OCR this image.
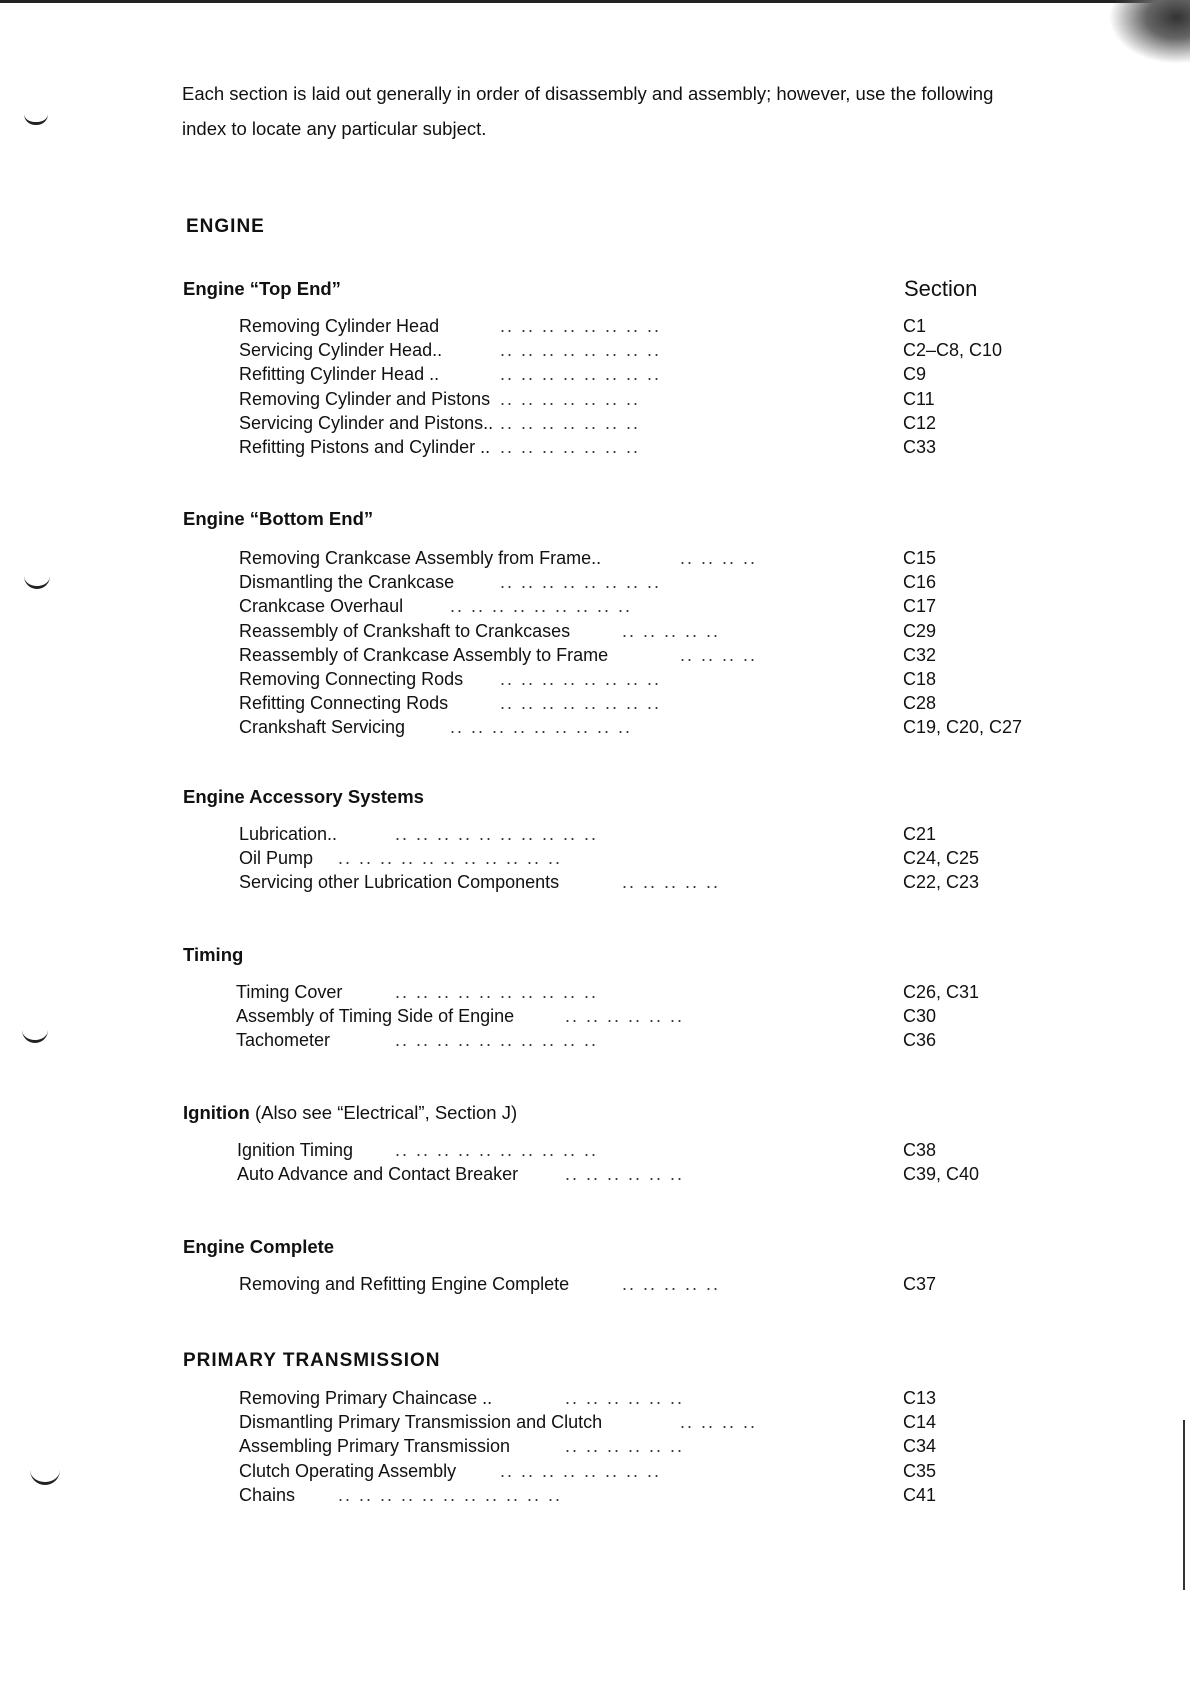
Each section is laid out generally in order of disassembly and assembly; however, use the following

index to locate any particular subject.

ENGINE
Engine “Top End”	Section
Removing Cylinder Head	.. .. .. .. .. .. .. ..	C1
Servicing Cylinder Head..	.. .. .. .. .. .. .. ..	C2–C8, C10
Refitting Cylinder Head ..	.. .. .. .. .. .. .. ..	C9
Removing Cylinder and Pistons .. .. .. .. .. .. ..	C11
Servicing Cylinder and Pistons.. .. .. .. .. .. .. ..	C12
Refitting Pistons and Cylinder .. .. .. .. .. .. .. ..	C33
Engine “Bottom End”
Removing Crankcase Assembly from Frame..	.. .. .. ..	C15
Dismantling the Crankcase	.. .. .. .. .. .. .. ..	C16
Crankcase Overhaul	.. .. .. .. .. .. .. .. ..	C17
Reassembly of Crankshaft to Crankcases	.. .. .. .. ..	C29
Reassembly of Crankcase Assembly to Frame	.. .. .. ..	C32
Removing Connecting Rods .. .. .. .. .. .. .. ..	C18
Refitting Connecting Rods	.. .. .. .. .. .. .. ..	C28
Crankshaft Servicing .. .. .. .. .. .. .. .. ..	C19, C20, C27
Engine Accessory Systems
Lubrication..	.. .. .. .. .. .. .. .. .. ..	C21
Oil Pump .. .. .. .. .. .. .. .. .. .. ..	C24, C25
Servicing other Lubrication Components	.. .. .. .. ..	C22, C23
Timing
Timing Cover	.. .. .. .. .. .. .. .. .. ..	C26, C31
Assembly of Timing Side of Engine	.. .. .. .. .. ..	C30
Tachometer	.. .. .. .. .. .. .. .. .. ..	C36
Ignition (Also see “Electrical”, Section J)
Ignition Timing .. .. .. .. .. .. .. .. .. ..	C38
Auto Advance and Contact Breaker	.. .. .. .. .. ..	C39, C40
Engine Complete
Removing and Refitting Engine Complete	.. .. .. .. ..	C37
PRIMARY TRANSMISSION
Removing Primary Chaincase ..	.. .. .. .. .. ..	C13
Dismantling Primary Transmission and Clutch	.. .. .. ..	C14
Assembling Primary Transmission	.. .. .. .. .. ..	C34
Clutch Operating Assembly .. .. .. .. .. .. .. ..	C35
Chains .. .. .. .. .. .. .. .. .. .. ..	C41
